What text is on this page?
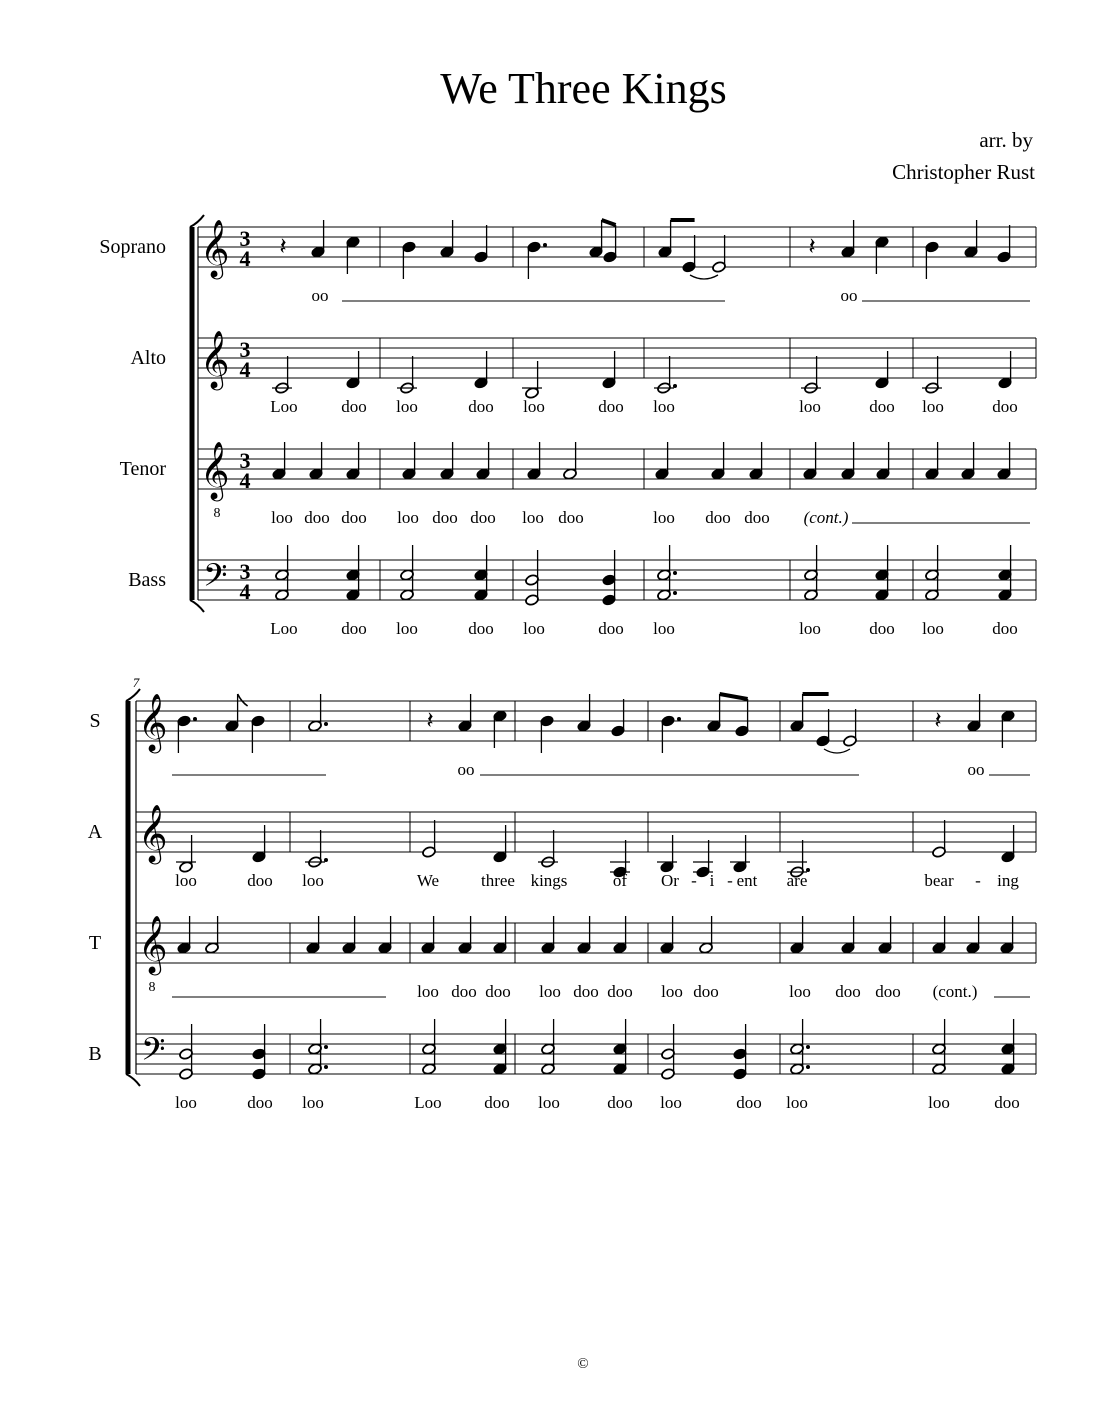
We Three Kings
arr. by
Christopher Rust
Soprano 𝄞 3
4
Alto 𝄞 3
4
Tenor 𝄞
8
3
4
Bass 𝄢 3
4
𝄽	𝄽
oo	oo
Loo	doo loo	doo loo	doo loo	loo	doo loo	doo
loo doo doo loo doo doo loo doo	loo doo doo (cont.)
Loo	doo loo	doo loo	doo loo	loo	doo loo	doo
7
S 𝄞
A 𝄞
T 𝄞
8
B 𝄢
𝄽	𝄽
oo	oo
loo	doo loo	We three kings	of Or - i - ent are	bear - ing
loo doo doo loo doo doo loo doo	loo doo doo (cont.)
loo	doo loo	Loo	doo loo	doo loo	doo loo	loo	doo
©
